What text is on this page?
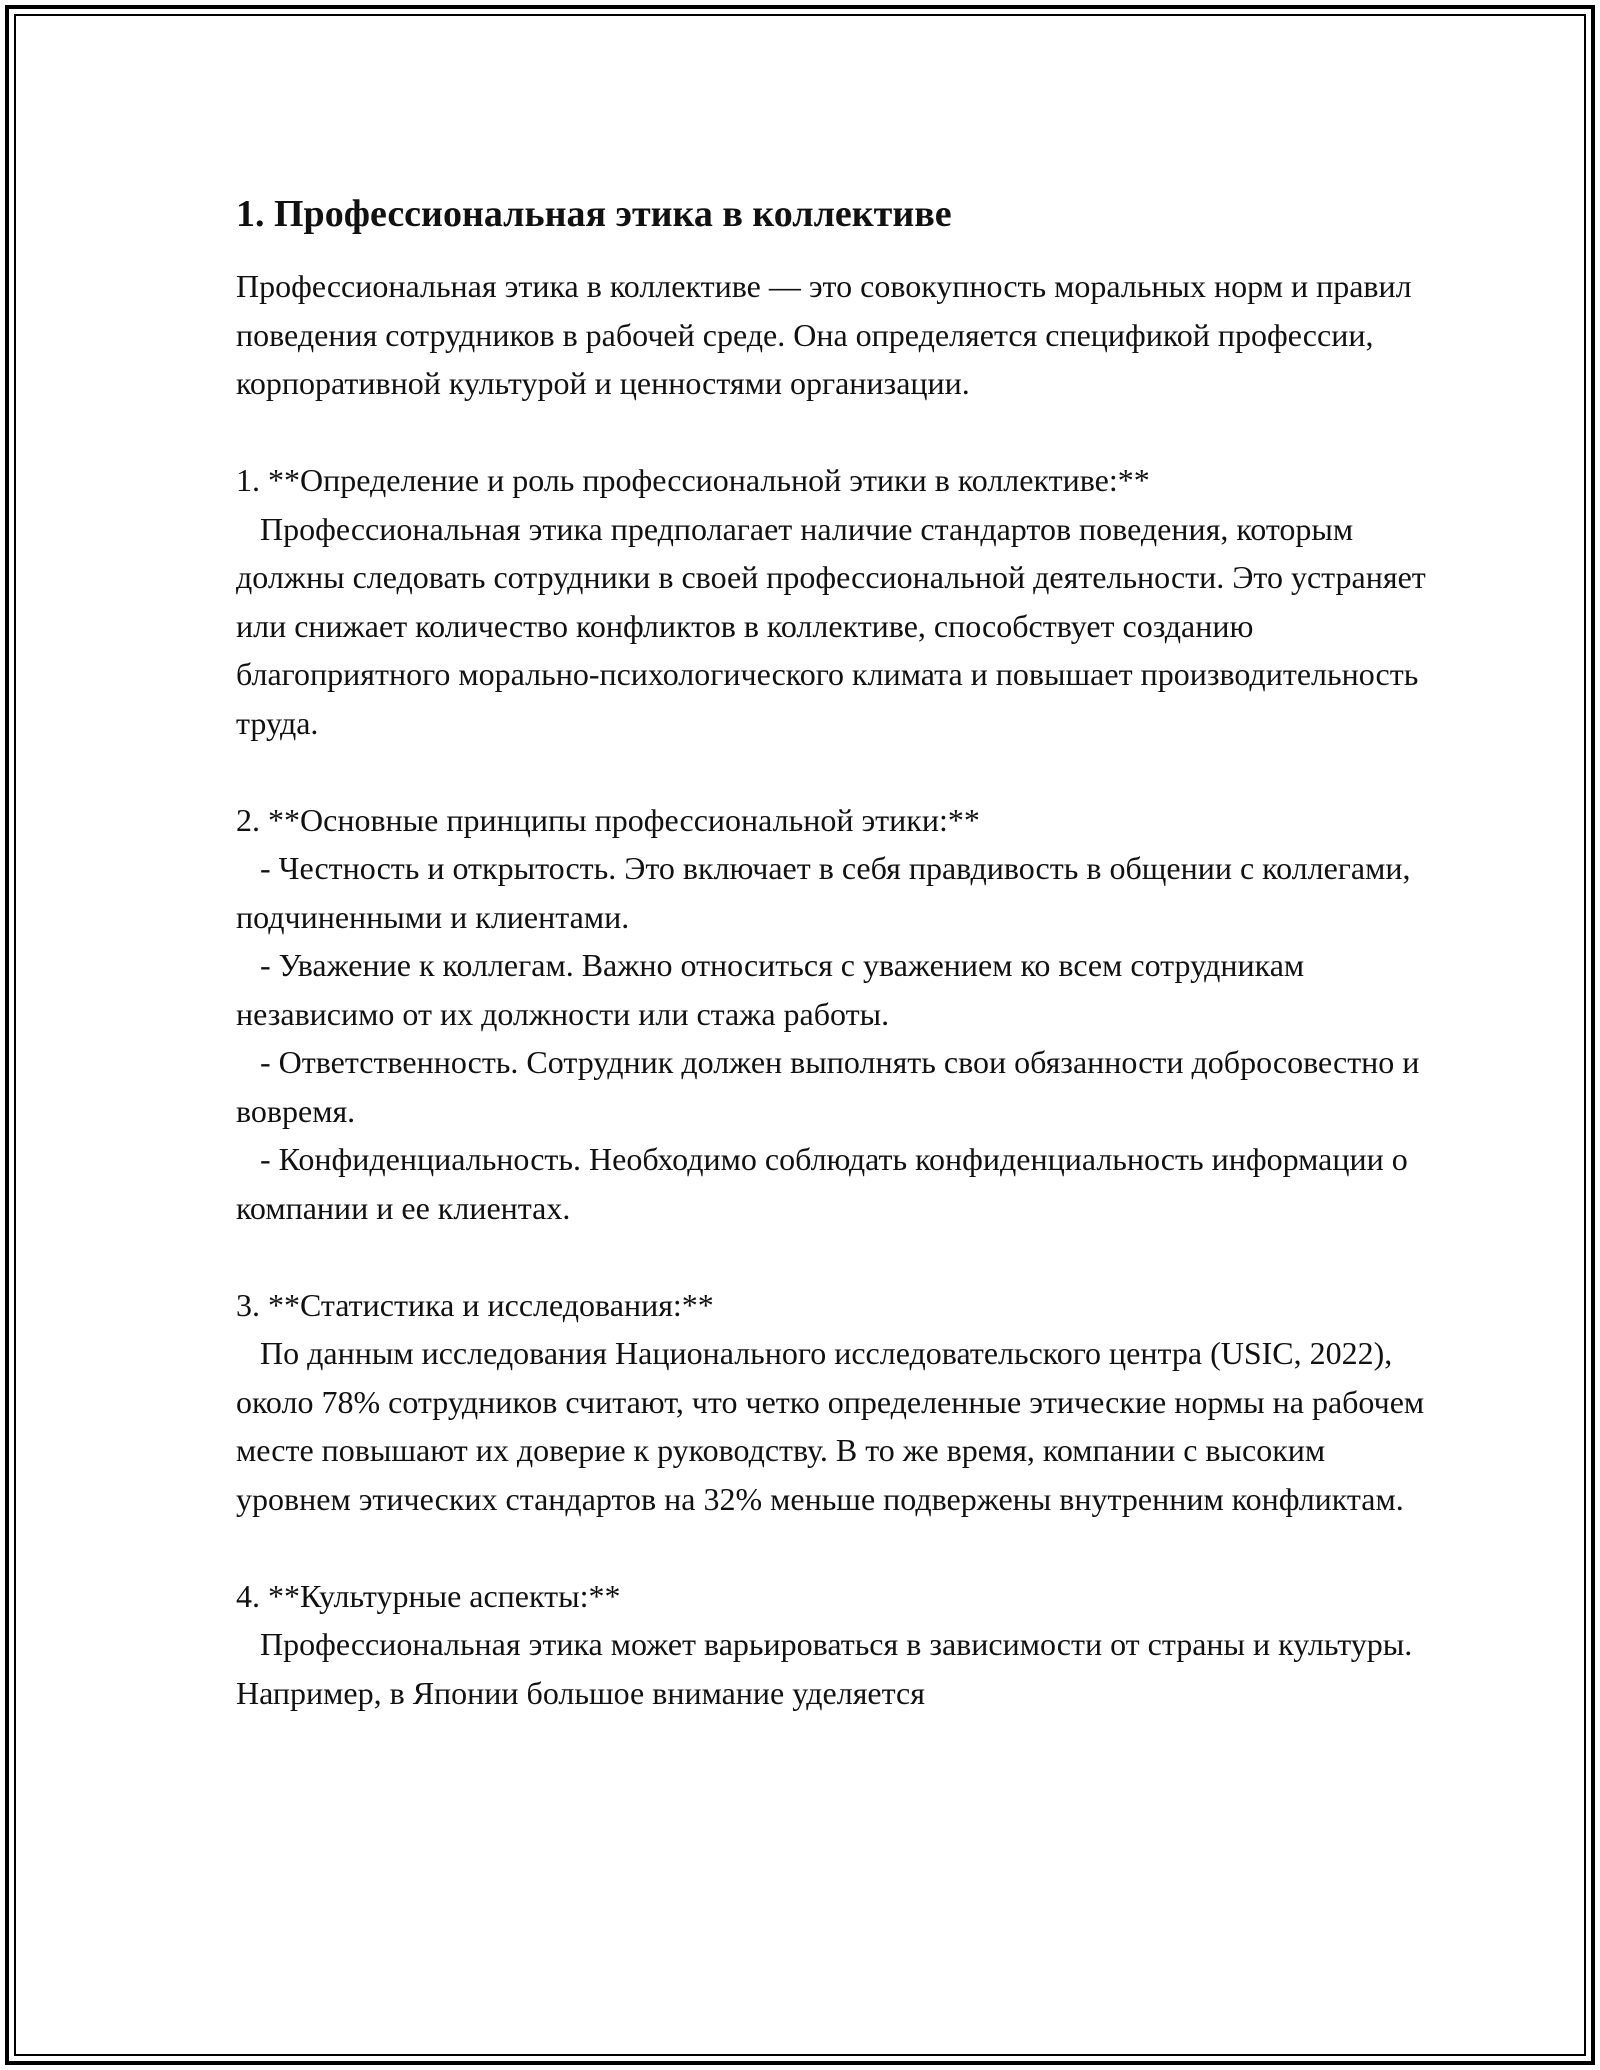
1. Профессиональная этика в коллективе

Профессиональная этика в коллективе — это совокупность моральных норм и правил поведения сотрудников в рабочей среде. Она определяется спецификой профессии, корпоративной культурой и ценностями организации.

1. **Определение и роль профессиональной этики в коллективе:**

Профессиональная этика предполагает наличие стандартов поведения, которым должны следовать сотрудники в своей профессиональной деятельности. Это устраняет или снижает количество конфликтов в коллективе, способствует созданию благоприятного морально-психологического климата и повышает производительность труда.

2. **Основные принципы профессиональной этики:**

- Честность и открытость. Это включает в себя правдивость в общении с коллегами, подчиненными и клиентами.

- Уважение к коллегам. Важно относиться с уважением ко всем сотрудникам независимо от их должности или стажа работы.

- Ответственность. Сотрудник должен выполнять свои обязанности добросовестно и вовремя.

- Конфиденциальность. Необходимо соблюдать конфиденциальность информации о компании и ее клиентах.

3. **Статистика и исследования:**

По данным исследования Национального исследовательского центра (USIC, 2022), около 78% сотрудников считают, что четко определенные этические нормы на рабочем месте повышают их доверие к руководству. В то же время, компании с высоким уровнем этических стандартов на 32% меньше подвержены внутренним конфликтам.

4. **Культурные аспекты:**

Профессиональная этика может варьироваться в зависимости от страны и культуры. Например, в Японии большое внимание уделяется
